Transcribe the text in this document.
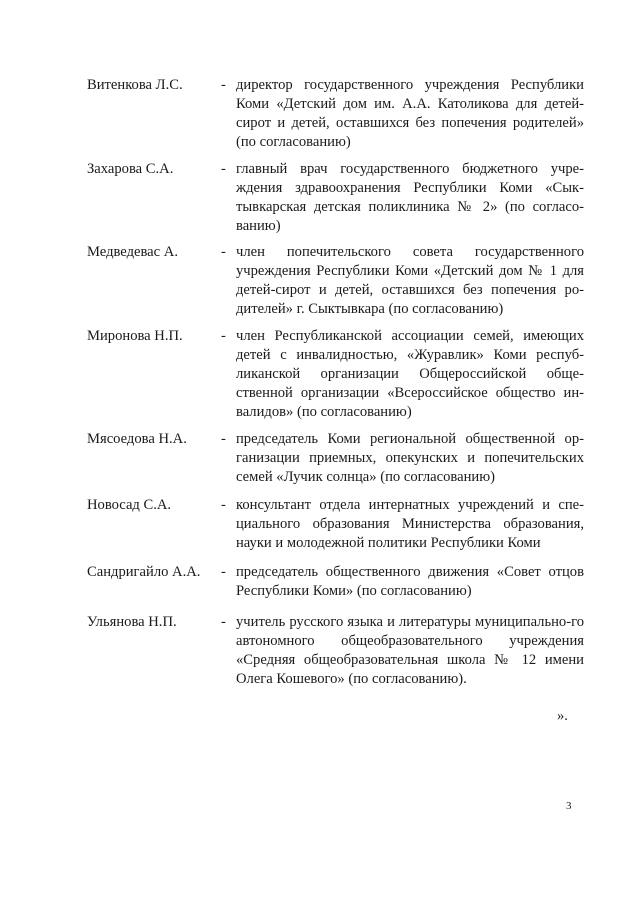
Витенкова Л.С.	- директор государственного учреждения Республики Коми «Детский дом им. А.А. Католикова для детей-сирот и детей, оставшихся без попечения родителей» (по согласованию)
Захарова С.А.	- главный врач государственного бюджетного учре-ждения здравоохранения Республики Коми «Сык-тывкарская детская поликлиника № 2» (по согласо-ванию)
Медведевас А.	- член попечительского совета государственного учреждения Республики Коми «Детский дом № 1 для детей-сирот и детей, оставшихся без попечения ро-дителей» г. Сыктывкара (по согласованию)
Миронова Н.П.	- член Республиканской ассоциации семей, имеющих детей с инвалидностью, «Журавлик» Коми респуб-ликанской организации Общероссийской обще-ственной организации «Всероссийское общество ин-валидов» (по согласованию)
Мясоедова Н.А. - председатель Коми региональной общественной ор-ганизации приемных, опекунских и попечительских семей «Лучик солнца» (по согласованию)
Новосад С.А.	- консультант отдела интернатных учреждений и спе-циального образования Министерства образования, науки и молодежной политики Республики Коми
Сандригайло А.А. - председатель общественного движения «Совет отцов Республики Коми» (по согласованию)
Ульянова Н.П.	- учитель русского языка и литературы муниципально-го автономного общеобразовательного учреждения «Средняя общеобразовательная школа № 12 имени Олега Кошевого» (по согласованию).
».
3
